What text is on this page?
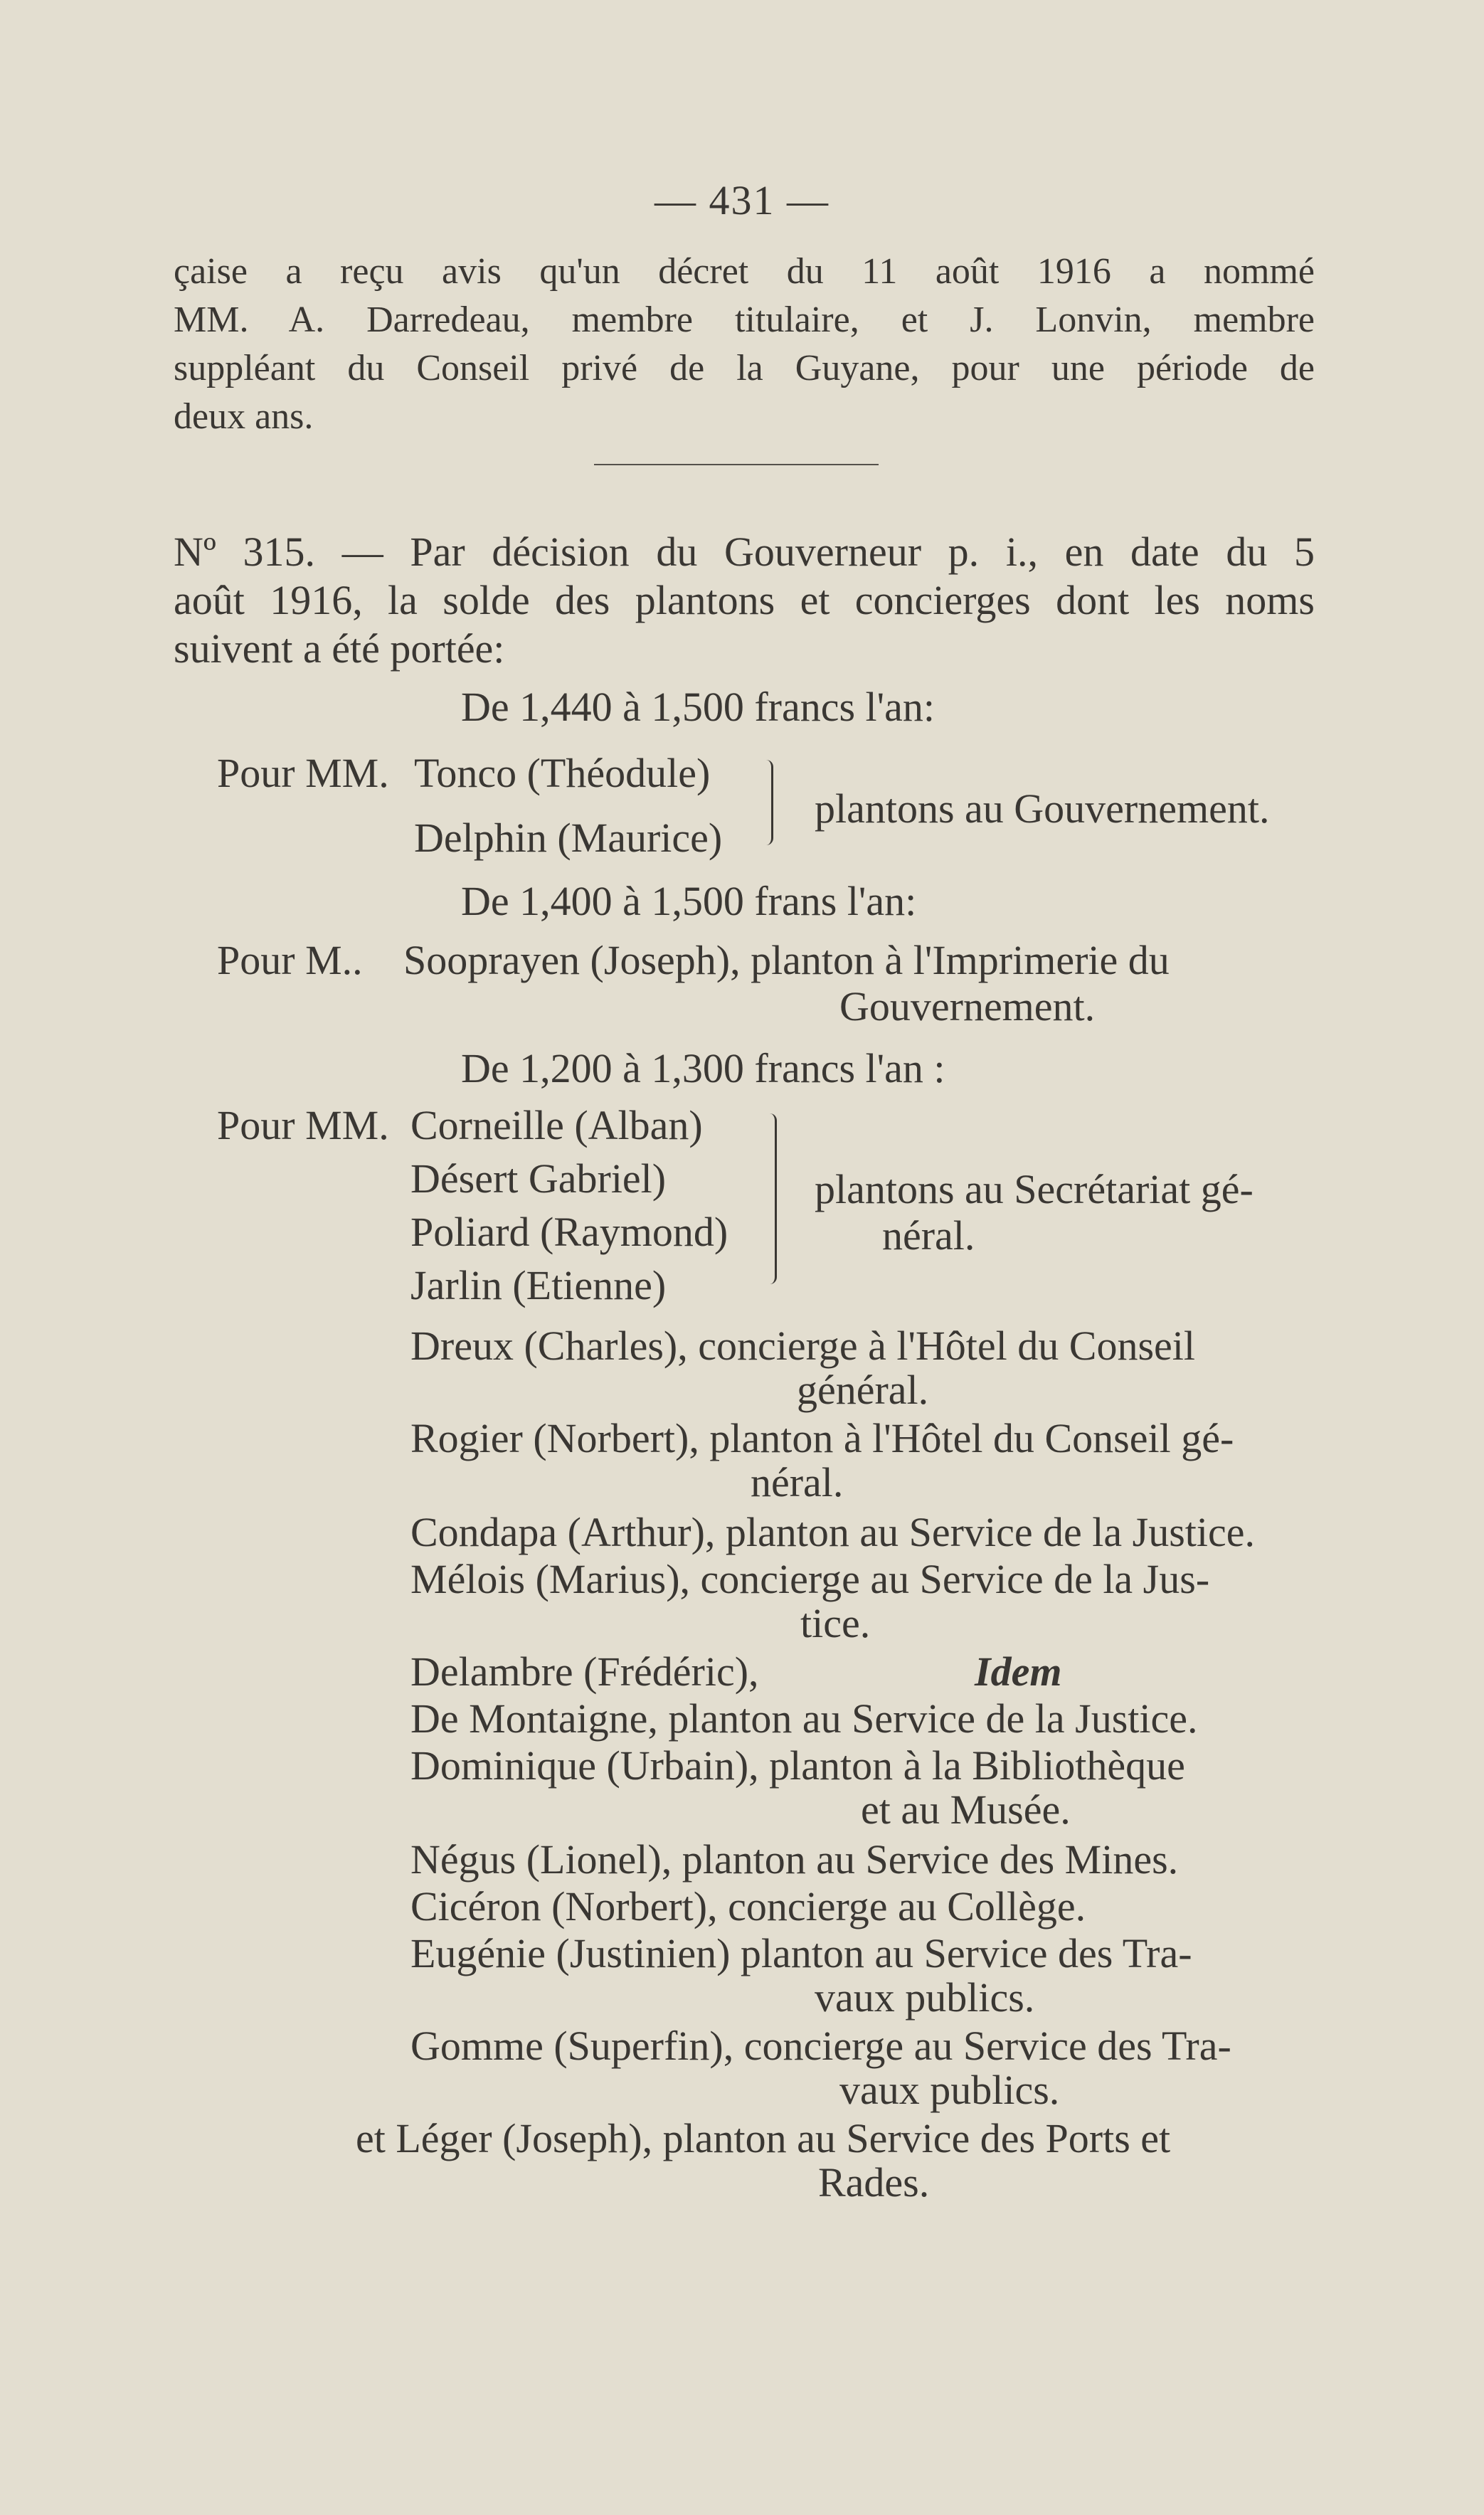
— 431 —
çaise a reçu avis qu'un décret du 11 août 1916 a nommé
MM. A. Darredeau, membre titulaire, et J. Lonvin, membre
suppléant du Conseil privé de la Guyane, pour une période de
deux ans.
Nº 315. — Par décision du Gouverneur p. i., en date du 5
août 1916, la solde des plantons et concierges dont les noms
suivent a été portée:
De 1,440 à 1,500 francs l'an:
Pour MM. Tonco (Théodule)
Delphin (Maurice)
plantons au Gouvernement.
De 1,400 à 1,500 frans l'an:
Pour M.. Sooprayen (Joseph), planton à l'Imprimerie du
Gouvernement.
De 1,200 à 1,300 francs l'an :
Pour MM. Corneille (Alban)
Désert Gabriel)
Poliard (Raymond)
Jarlin (Etienne)
plantons au Secrétariat gé-
néral.
Dreux (Charles), concierge à l'Hôtel du Conseil
général.
Rogier (Norbert), planton à l'Hôtel du Conseil gé-
néral.
Condapa (Arthur), planton au Service de la Justice.
Mélois (Marius), concierge au Service de la Jus-
tice.
Delambre (Frédéric),	Idem
De Montaigne, planton au Service de la Justice.
Dominique (Urbain), planton à la Bibliothèque
et au Musée.
Négus (Lionel), planton au Service des Mines.
Cicéron (Norbert), concierge au Collège.
Eugénie (Justinien) planton au Service des Tra-
vaux publics.
Gomme (Superfin), concierge au Service des Tra-
vaux publics.
et Léger (Joseph), planton au Service des Ports et
Rades.
